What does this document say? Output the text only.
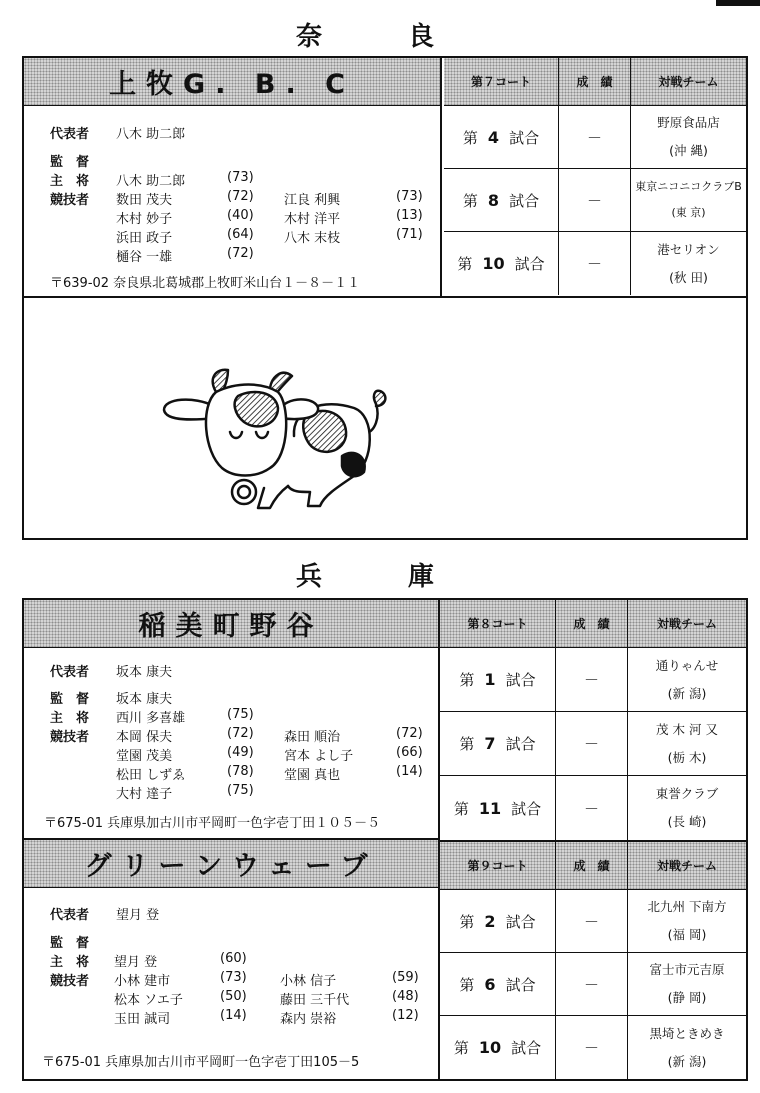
奈　良
上牧G. B. C
代表者 八木 助二郎
監　督
主　将 八木 助二郎	(73)
競技者 数田 茂夫	(72) 江良 利興	(73)
木村 妙子	(40) 木村 洋平	(13)
浜田 政子	(64) 八木 末枝	(71)
樋谷 一雄	(72)
〒639-02 奈良県北葛城郡上牧町米山台１－８－１１
第７コート	成　績	対戦チーム
第 4 試合	－
野原食品店
(沖 縄)
第 8 試合	－
東京ニコニコクラブB
(東 京)
第 10 試合	－
港セリオン
(秋 田)
兵　庫
稲美町野谷
代表者 坂本 康夫
監　督 坂本 康夫
主　将 西川 多喜雄	(75)
競技者 本岡 保夫	(72) 森田 順治	(72)
堂園 茂美	(49) 宮本 よし子	(66)
松田 しずゑ	(78) 堂園 真也	(14)
大村 達子	(75)
〒675-01 兵庫県加古川市平岡町一色字壱丁田１０５－５
第８コート	成　績	対戦チーム
第 1 試合	－
通りゃんせ
(新 潟)
第 7 試合	－
茂 木 河 又
(栃 木)
第 11 試合	－
東誉クラブ
(長 崎)
グリーンウェーブ
代表者 望月 登
監　督
主　将 望月 登	(60)
競技者 小林 建市	(73)	小林 信子	(59)
松本 ソエ子	(50)	藤田 三千代	(48)
玉田 誠司	(14)	森内 崇裕	(12)
〒675-01 兵庫県加古川市平岡町一色字壱丁田105－5
第９コート	成　績	対戦チーム
第 2 試合	－
北九州 下南方
(福 岡)
第 6 試合	－
富士市元吉原
(静 岡)
第 10 試合	－
黒埼ときめき
(新 潟)
